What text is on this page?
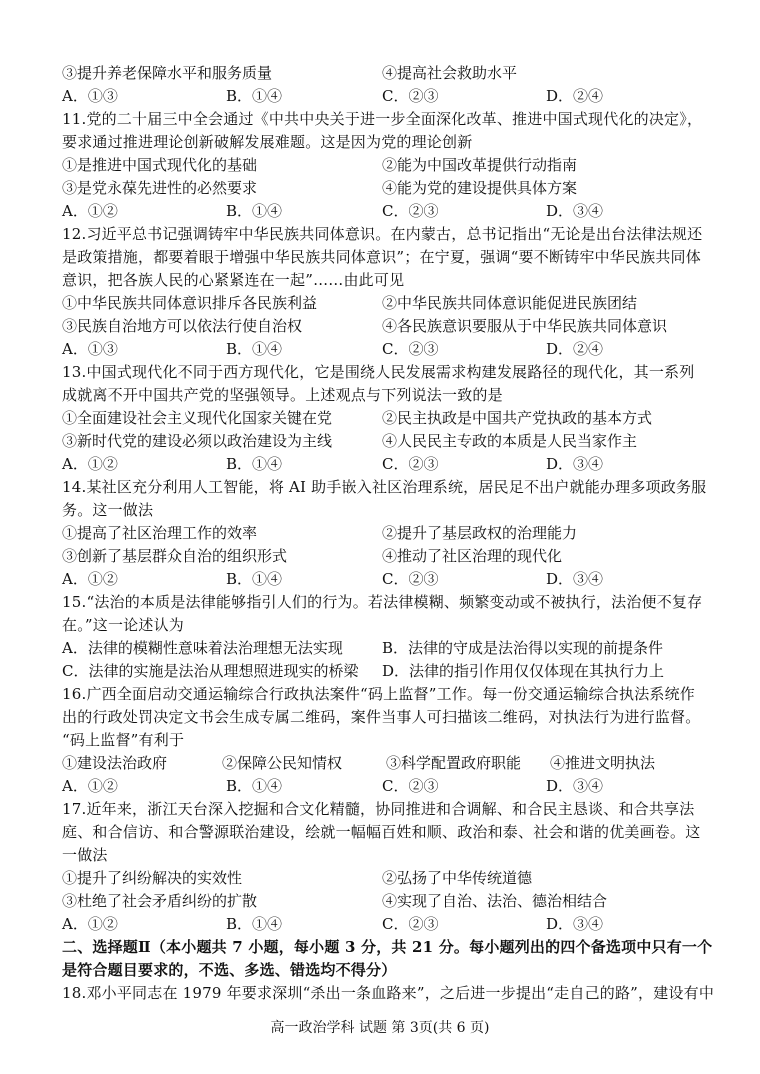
③提升养老保障水平和服务质量	④提高社会救助水平
A．①③	B．①④	C．②③	D．②④
11.党的二十届三中全会通过《中共中央关于进一步全面深化改革、推进中国式现代化的决定》，
要求通过推进理论创新破解发展难题。这是因为党的理论创新
①是推进中国式现代化的基础	②能为中国改革提供行动指南
③是党永葆先进性的必然要求	④能为党的建设提供具体方案
A．①②	B．①④	C．②③	D．③④
12.习近平总书记强调铸牢中华民族共同体意识。在内蒙古，总书记指出“无论是出台法律法规还
是政策措施，都要着眼于增强中华民族共同体意识”；在宁夏，强调“要不断铸牢中华民族共同体
意识，把各族人民的心紧紧连在一起”……由此可见
①中华民族共同体意识排斥各民族利益	②中华民族共同体意识能促进民族团结
③民族自治地方可以依法行使自治权	④各民族意识要服从于中华民族共同体意识
A．①③	B．①④	C．②③	D．②④
13.中国式现代化不同于西方现代化，它是围绕人民发展需求构建发展路径的现代化，其一系列
成就离不开中国共产党的坚强领导。上述观点与下列说法一致的是
①全面建设社会主义现代化国家关键在党	②民主执政是中国共产党执政的基本方式
③新时代党的建设必须以政治建设为主线	④人民民主专政的本质是人民当家作主
A．①②	B．①④	C．②③	D．③④
14.某社区充分利用人工智能，将 AI 助手嵌入社区治理系统，居民足不出户就能办理多项政务服
务。这一做法
①提高了社区治理工作的效率	②提升了基层政权的治理能力
③创新了基层群众自治的组织形式	④推动了社区治理的现代化
A．①②	B．①④	C．②③	D．③④
15.“法治的本质是法律能够指引人们的行为。若法律模糊、频繁变动或不被执行，法治便不复存
在。”这一论述认为
A．法律的模糊性意味着法治理想无法实现	B．法律的守成是法治得以实现的前提条件
C．法律的实施是法治从理想照进现实的桥梁	D．法律的指引作用仅仅体现在其执行力上
16.广西全面启动交通运输综合行政执法案件“码上监督”工作。每一份交通运输综合执法系统作
出的行政处罚决定文书会生成专属二维码，案件当事人可扫描该二维码，对执法行为进行监督。
“码上监督”有利于
①建设法治政府	②保障公民知情权	③科学配置政府职能	④推进文明执法
A．①②	B．①④	C．②③	D．③④
17.近年来，浙江天台深入挖掘和合文化精髓，协同推进和合调解、和合民主恳谈、和合共享法
庭、和合信访、和合警源联治建设，绘就一幅幅百姓和顺、政治和泰、社会和谐的优美画卷。这
一做法
①提升了纠纷解决的实效性	②弘扬了中华传统道德
③杜绝了社会矛盾纠纷的扩散	④实现了自治、法治、德治相结合
A．①②	B．①④	C．②③	D．③④
二、选择题Ⅱ（本小题共 7 小题，每小题 3 分，共 21 分。每小题列出的四个备选项中只有一个
是符合题目要求的，不选、多选、错选均不得分）
18.邓小平同志在 1979 年要求深圳“杀出一条血路来”，之后进一步提出“走自己的路”，建设有中
高一政治学科 试题 第 3页(共 6 页)
